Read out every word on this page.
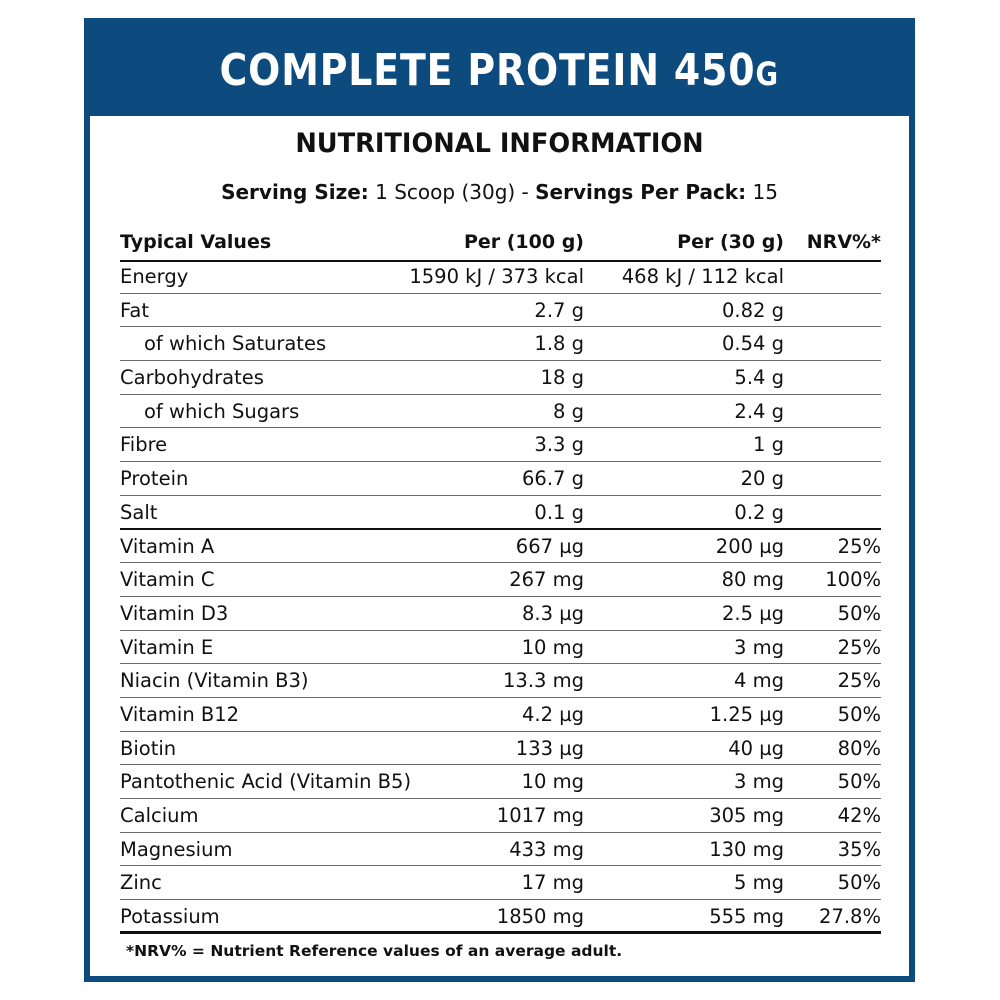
COMPLETE PROTEIN 450G
NUTRITIONAL INFORMATION
Serving Size: 1 Scoop (30g) - Servings Per Pack: 15
Typical Values	Per (100 g)	Per (30 g) NRV%*
Energy	1590 kJ / 373 kcal 468 kJ / 112 kcal
Fat	2.7 g	0.82 g
of which Saturates	1.8 g	0.54 g
Carbohydrates	18 g	5.4 g
of which Sugars	8 g	2.4 g
Fibre	3.3 g	1 g
Protein	66.7 g	20 g
Salt	0.1 g	0.2 g
Vitamin A	667 µg	200 µg	25%
Vitamin C	267 mg	80 mg 100%
Vitamin D3	8.3 µg	2.5 µg	50%
Vitamin E	10 mg	3 mg	25%
Niacin (Vitamin B3)	13.3 mg	4 mg	25%
Vitamin B12	4.2 µg	1.25 µg	50%
Biotin	133 µg	40 µg	80%
Pantothenic Acid (Vitamin B5)	10 mg	3 mg	50%
Calcium	1017 mg	305 mg	42%
Magnesium	433 mg	130 mg	35%
Zinc	17 mg	5 mg	50%
Potassium	1850 mg	555 mg 27.8%
*NRV% = Nutrient Reference values of an average adult.
